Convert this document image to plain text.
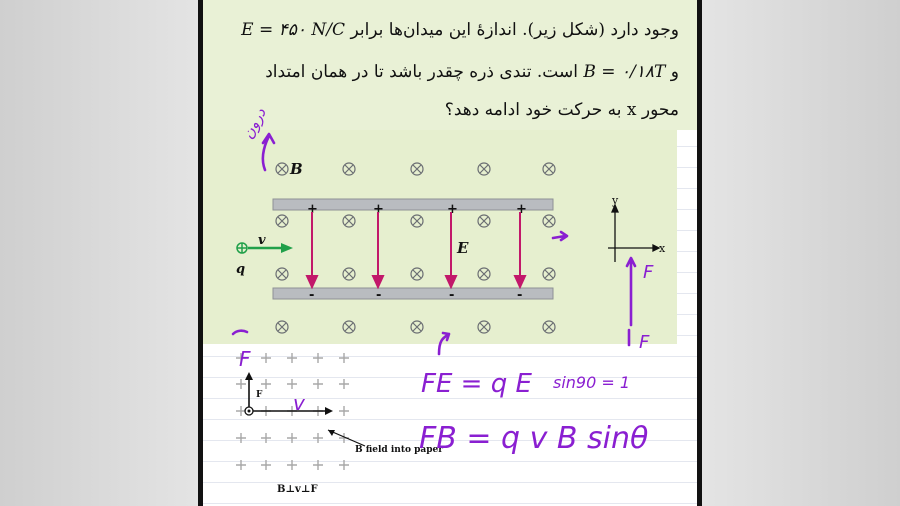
وجود دارد (شکل زیر). اندازهٔ این میدان‌ها برابر E = ۴۵۰ N/C
و B = ۰/۱۸T است. تندی ذره چقدر باشد تا در همان امتداد
محور x به حرکت خود ادامه دهد؟
+	+	+	+
-	-	-	-
E
B
v
q
y
x
F
B field into paper
B⊥v⊥F
درون
F
F
F
FE = q E sin90 = 1
FB = q v B sinθ
v
